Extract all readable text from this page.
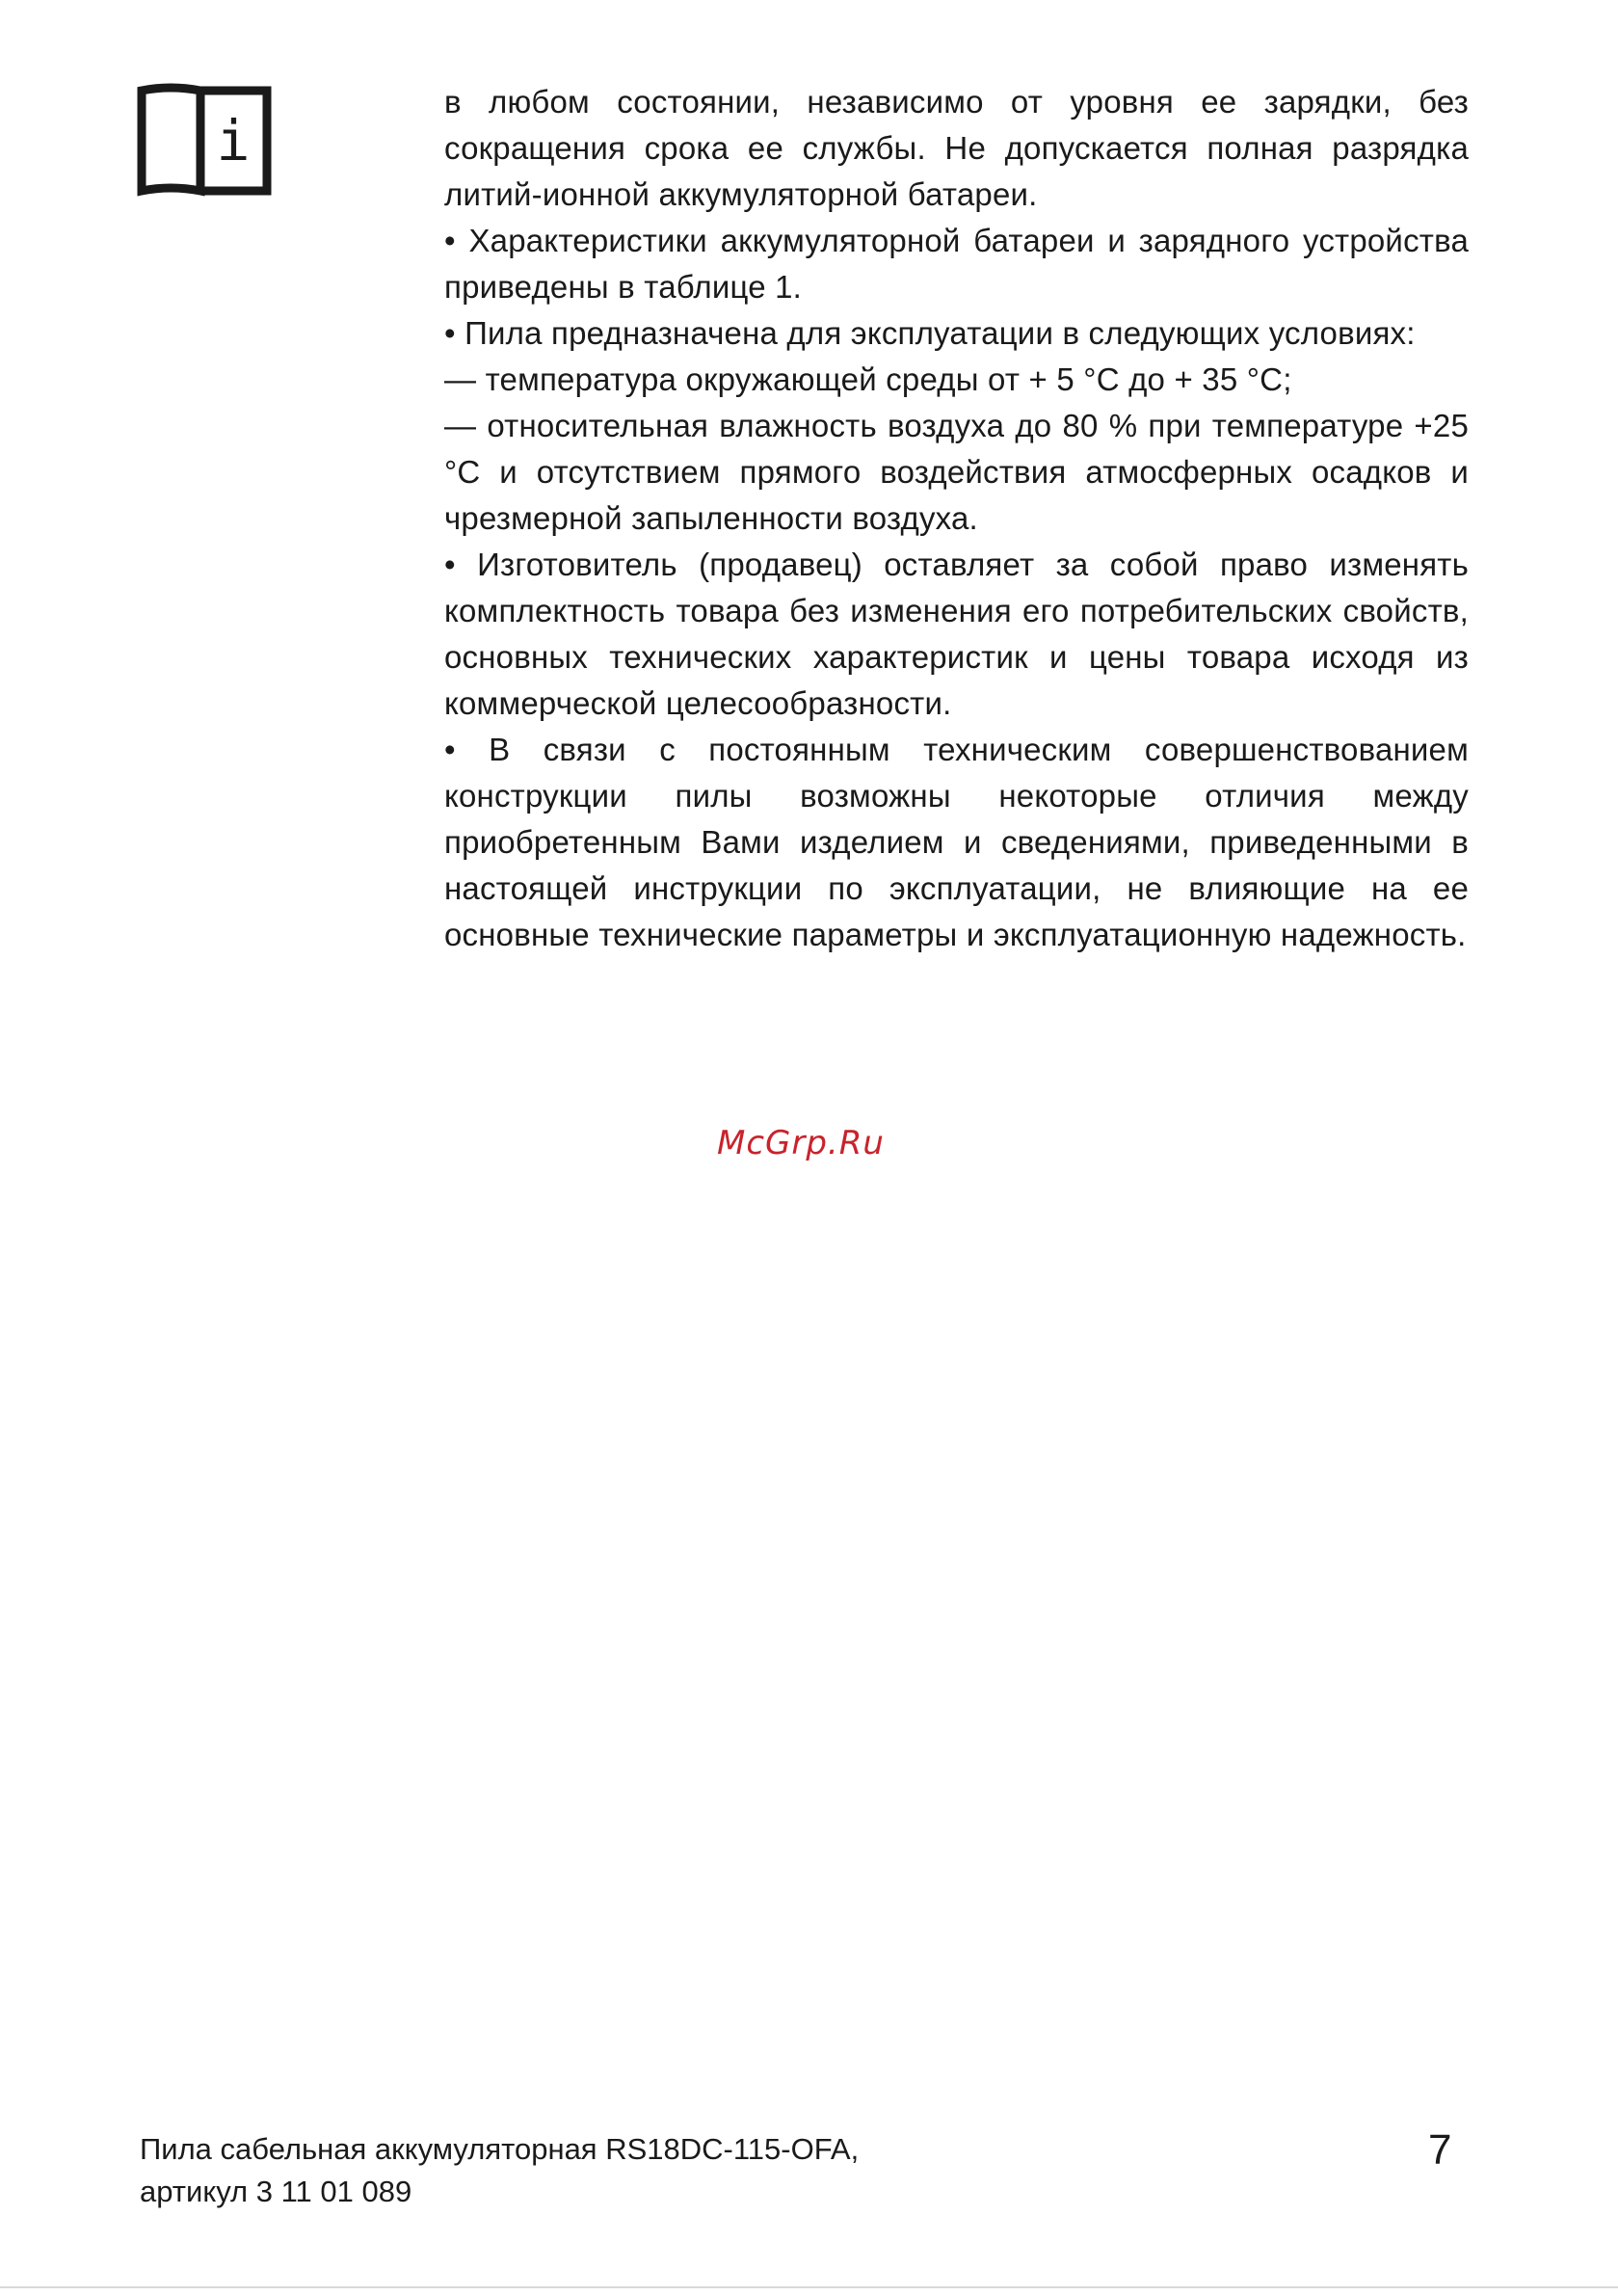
i

в любом состоянии, независимо от уровня ее зарядки, без сокращения срока ее службы. Не допускается полная разрядка литий-ионной аккумуляторной батареи.

• Характеристики аккумуляторной батареи и зарядного устройства приведены в таблице 1.

• Пила предназначена для эксплуатации в следующих условиях:

— температура окружающей среды от + 5 °С до + 35 °С;

— относительная влажность воздуха до 80 % при температуре +25 °С и отсутствием прямого воздействия атмосферных осадков и чрезмерной запыленности воздуха.

• Изготовитель (продавец) оставляет за собой право изменять комплектность товара без изменения его потребительских свойств, основных технических характеристик и цены товара исходя из коммерческой целесообразности.

• В связи с постоянным техническим совершенствованием конструкции пилы возможны некоторые отличия между приобретенным Вами изделием и сведениями, приведенными в настоящей инструкции по эксплуатации, не влияющие на ее основные технические параметры и эксплуатационную надежность.

McGrp.Ru
Пила сабельная аккумуляторная RS18DC-115-OFA,
артикул 3 11 01 089
7
